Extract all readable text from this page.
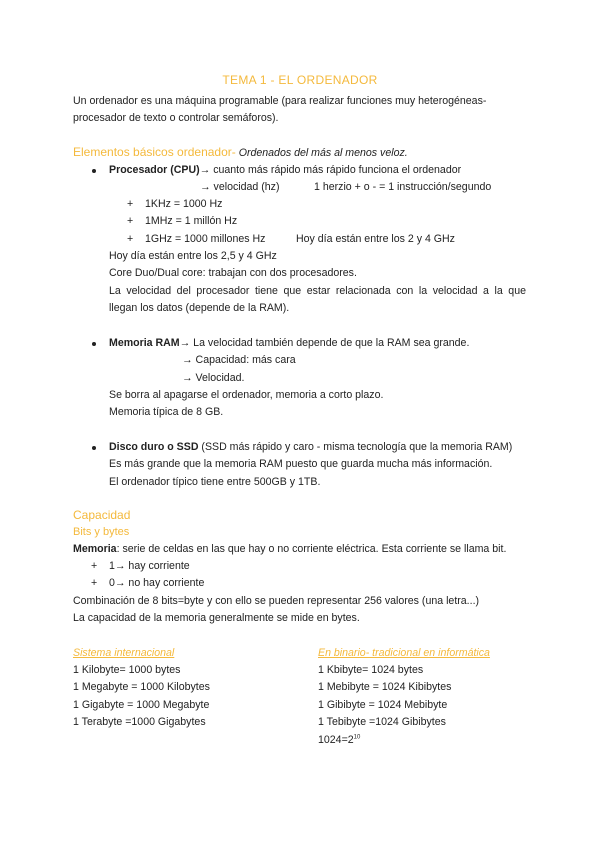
TEMA 1 - EL ORDENADOR
Un ordenador es una máquina programable (para realizar funciones muy heterogéneas-
procesador de texto o controlar semáforos).
Elementos básicos ordenador- Ordenados del más al menos veloz.
Procesador (CPU)→ cuanto más rápido más rápido funciona el ordenador
→ velocidad (hz)	1 herzio + o - = 1 instrucción/segundo
+ 1KHz = 1000 Hz
+ 1MHz = 1 millón Hz
+ 1GHz = 1000 millones Hz	Hoy día están entre los 2 y 4 GHz
Hoy día están entre los 2,5 y 4 GHz
Core Duo/Dual core: trabajan con dos procesadores.
La velocidad del procesador tiene que estar relacionada con la velocidad a la que
llegan los datos (depende de la RAM).
Memoria RAM→ La velocidad también depende de que la RAM sea grande.
→ Capacidad: más cara
→ Velocidad.
Se borra al apagarse el ordenador, memoria a corto plazo.
Memoria típica de 8 GB.
Disco duro o SSD (SSD más rápido y caro - misma tecnología que la memoria RAM)
Es más grande que la memoria RAM puesto que guarda mucha más información.
El ordenador típico tiene entre 500GB y 1TB.
Capacidad
Bits y bytes
Memoria: serie de celdas en las que hay o no corriente eléctrica. Esta corriente se llama bit.
+ 1→ hay corriente
+ 0→ no hay corriente
Combinación de 8 bits=byte y con ello se pueden representar 256 valores (una letra...)
La capacidad de la memoria generalmente se mide en bytes.
Sistema internacional
1 Kilobyte= 1000 bytes
1 Megabyte = 1000 Kilobytes
1 Gigabyte = 1000 Megabyte
1 Terabyte =1000 Gigabytes
En binario- tradicional en informática
1 Kbibyte= 1024 bytes
1 Mebibyte = 1024 Kibibytes
1 Gibibyte = 1024 Mebibyte
1 Tebibyte =1024 Gibibytes
$1024=2^{10}$
